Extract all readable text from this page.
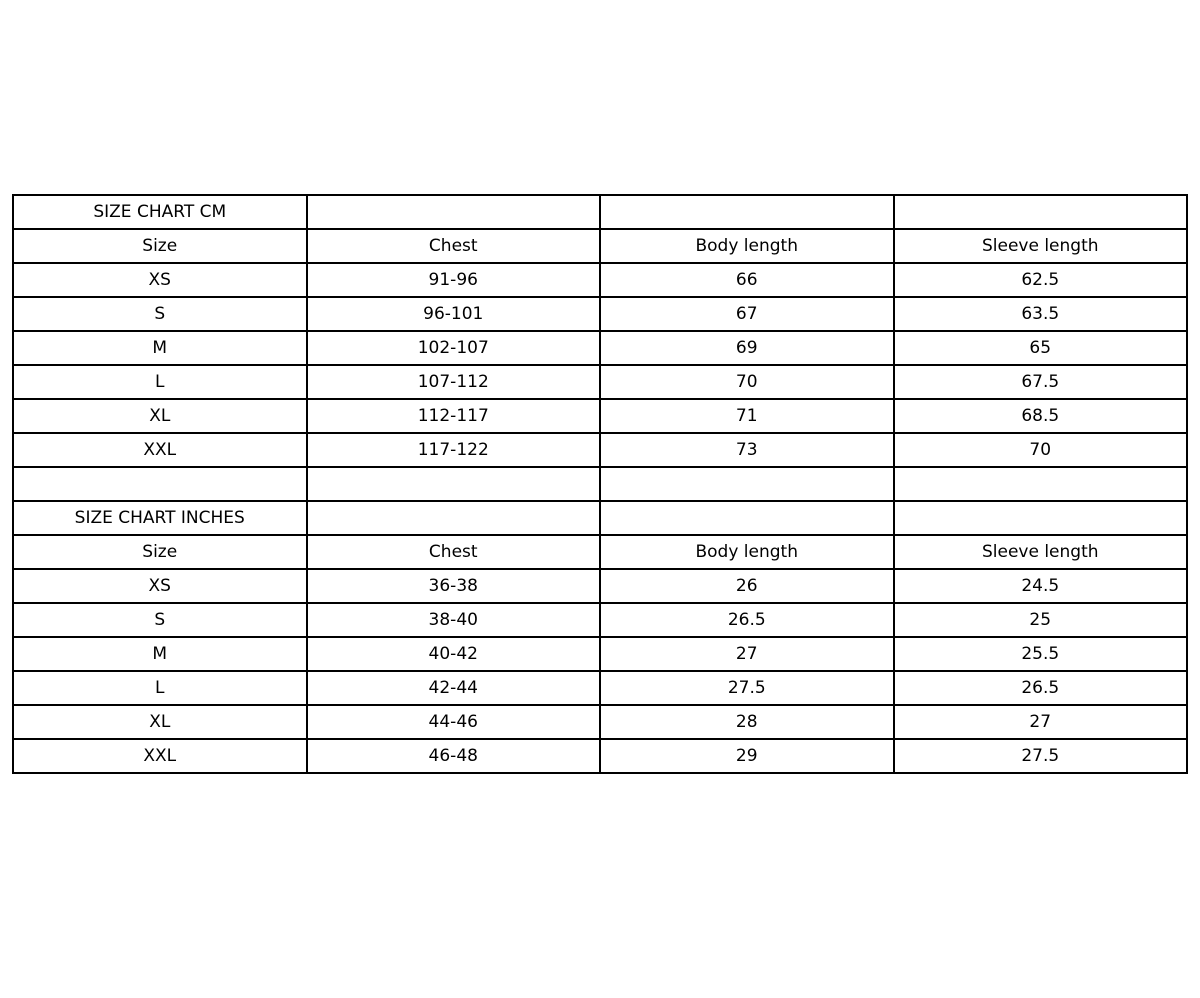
SIZE CHART CM			
Size	Chest	Body length	Sleeve length
XS	91-96	66	62.5
S	96-101	67	63.5
M	102-107	69	65
L	107-112	70	67.5
XL	112-117	71	68.5
XXL	117-122	73	70

SIZE CHART INCHES			
Size	Chest	Body length	Sleeve length
XS	36-38	26	24.5
S	38-40	26.5	25
M	40-42	27	25.5
L	42-44	27.5	26.5
XL	44-46	28	27
XXL	46-48	29	27.5
